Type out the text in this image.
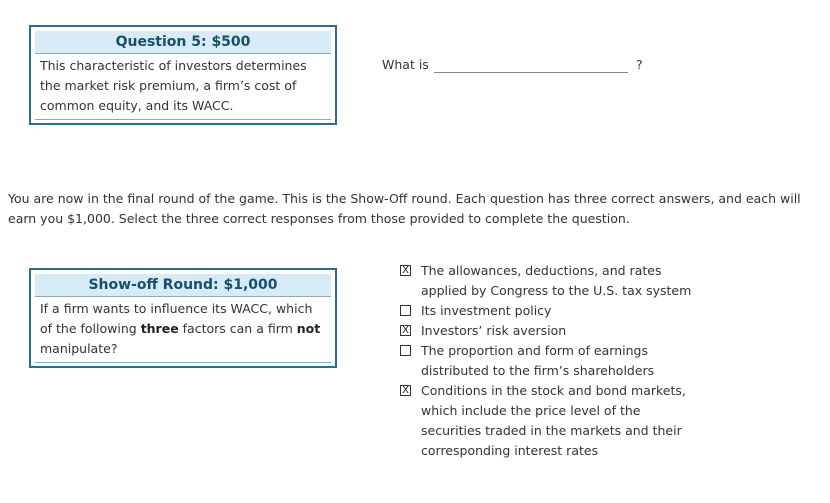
Question 5: $500
This characteristic of investors determines the market risk premium, a firm’s cost of common equity, and its WACC.
What is	?
You are now in the final round of the game. This is the Show-Off round. Each question has three correct answers, and each will earn you $1,000. Select the three correct responses from those provided to complete the question.
Show-off Round: $1,000
If a firm wants to influence its WACC, which of the following three factors can a firm not manipulate?
X The allowances, deductions, and rates applied by Congress to the U.S. tax system
Its investment policy
X Investors’ risk aversion
The proportion and form of earnings distributed to the firm’s shareholders
X Conditions in the stock and bond markets, which include the price level of the securities traded in the markets and their corresponding interest rates
